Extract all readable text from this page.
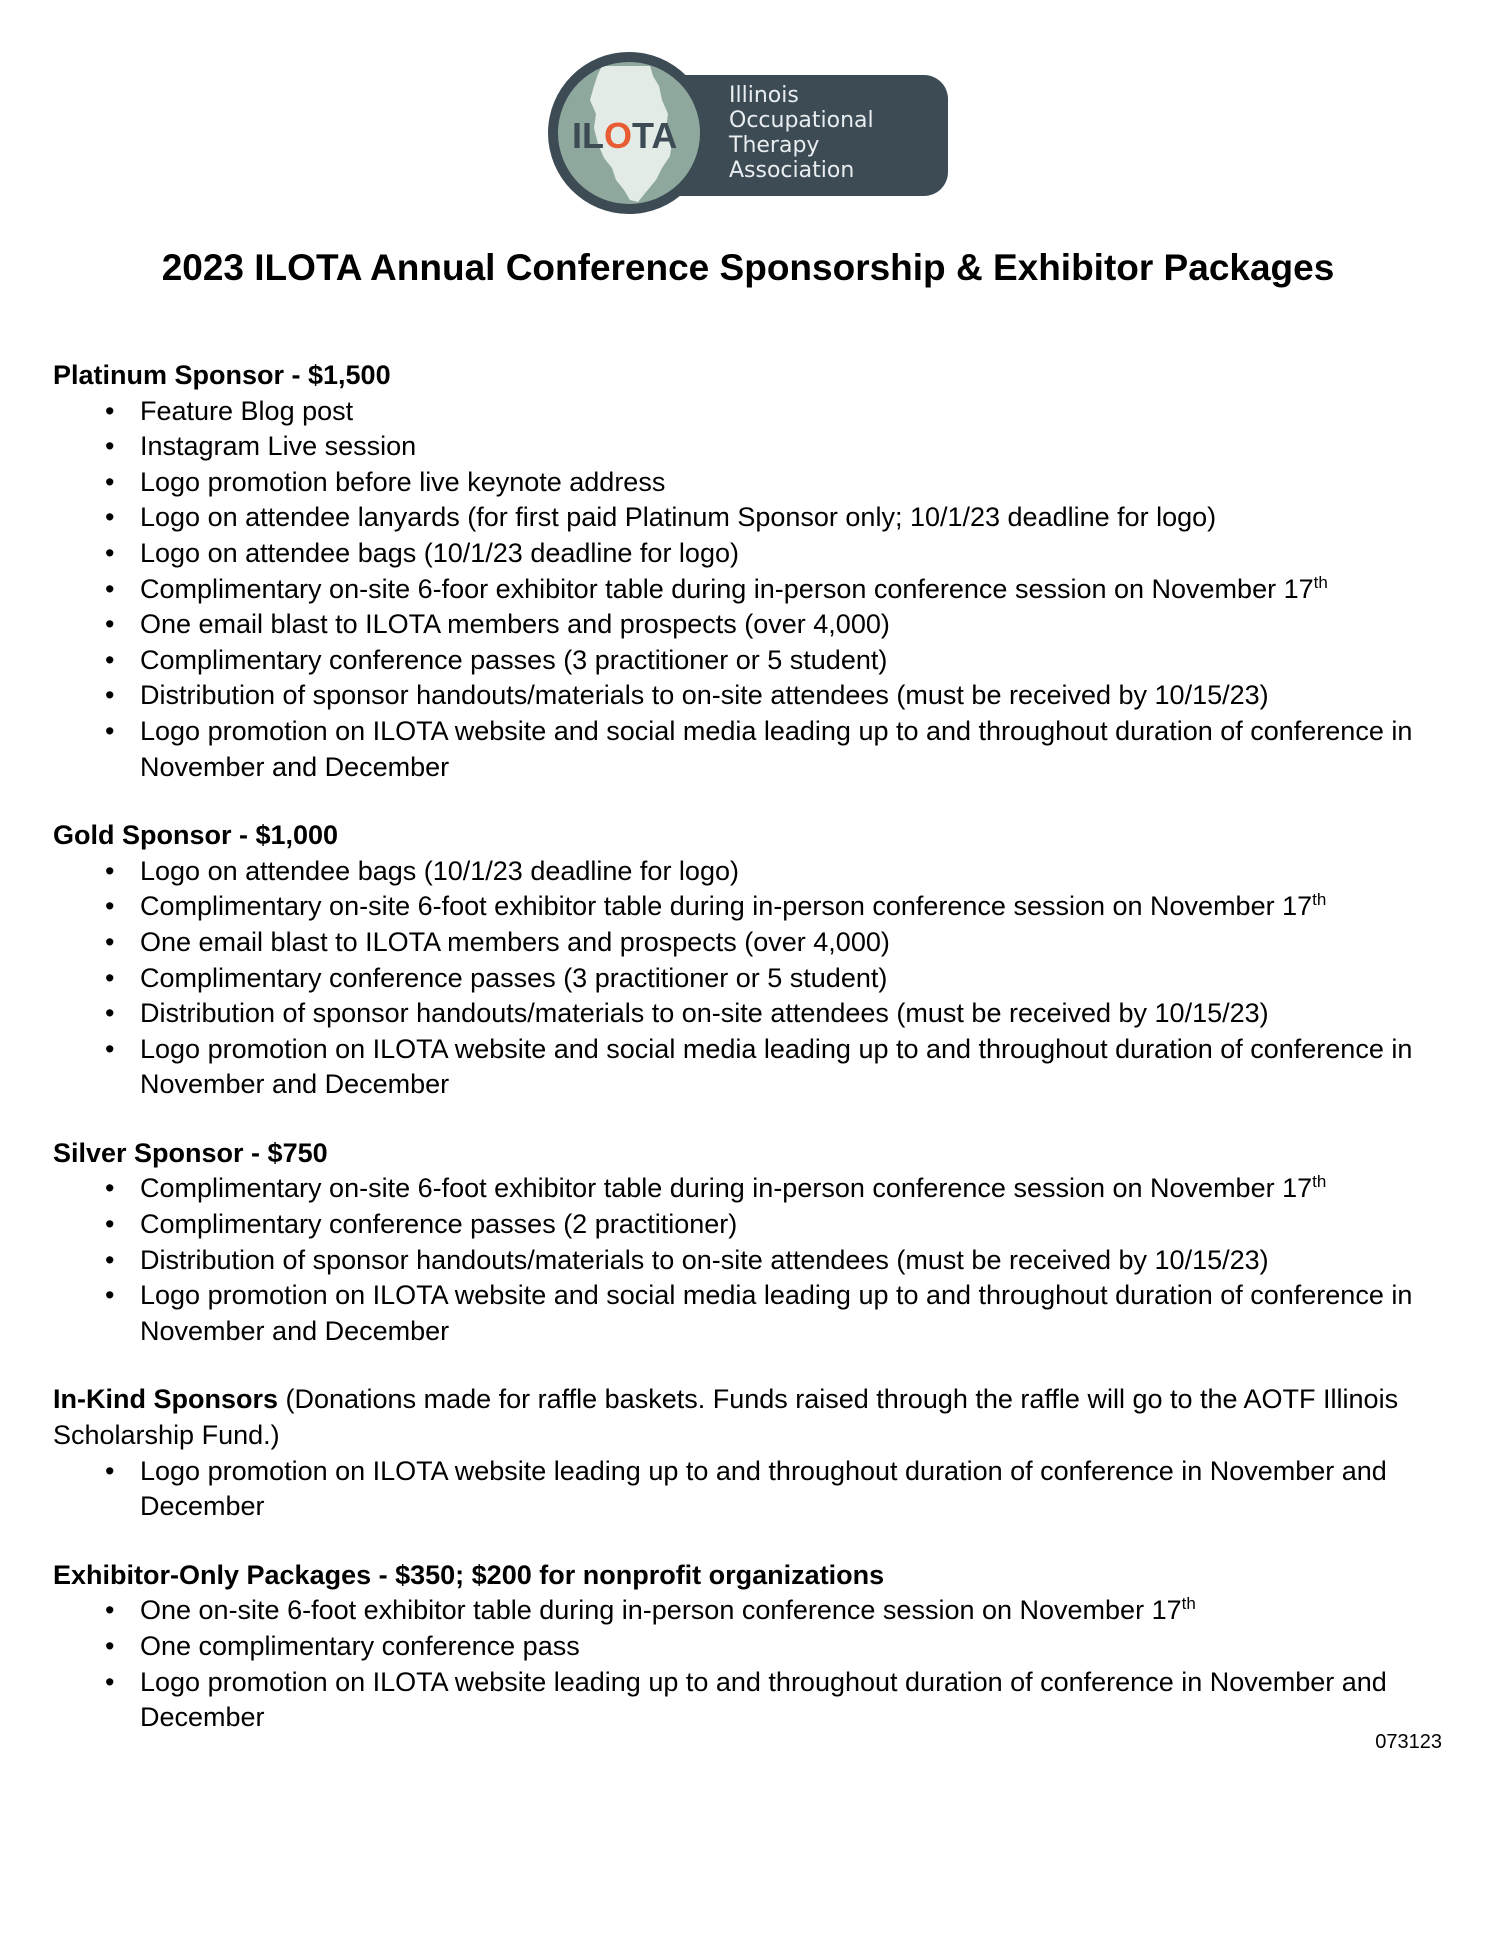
ILOTA
Illinois
Occupational
Therapy
Association
2023 ILOTA Annual Conference Sponsorship & Exhibitor Packages
Platinum Sponsor - $1,500
• Feature Blog post
• Instagram Live session
• Logo promotion before live keynote address
• Logo on attendee lanyards (for first paid Platinum Sponsor only; 10/1/23 deadline for logo)
• Logo on attendee bags (10/1/23 deadline for logo)
• Complimentary on-site 6-foor exhibitor table during in-person conference session on November 17th
• One email blast to ILOTA members and prospects (over 4,000)
• Complimentary conference passes (3 practitioner or 5 student)
• Distribution of sponsor handouts/materials to on-site attendees (must be received by 10/15/23)
• Logo promotion on ILOTA website and social media leading up to and throughout duration of conference in November and December
Gold Sponsor - $1,000
• Logo on attendee bags (10/1/23 deadline for logo)
• Complimentary on-site 6-foot exhibitor table during in-person conference session on November 17th
• One email blast to ILOTA members and prospects (over 4,000)
• Complimentary conference passes (3 practitioner or 5 student)
• Distribution of sponsor handouts/materials to on-site attendees (must be received by 10/15/23)
• Logo promotion on ILOTA website and social media leading up to and throughout duration of conference in November and December
Silver Sponsor - $750
• Complimentary on-site 6-foot exhibitor table during in-person conference session on November 17th
• Complimentary conference passes (2 practitioner)
• Distribution of sponsor handouts/materials to on-site attendees (must be received by 10/15/23)
• Logo promotion on ILOTA website and social media leading up to and throughout duration of conference in November and December
In-Kind Sponsors (Donations made for raffle baskets. Funds raised through the raffle will go to the AOTF Illinois Scholarship Fund.)
• Logo promotion on ILOTA website leading up to and throughout duration of conference in November and December
Exhibitor-Only Packages - $350; $200 for nonprofit organizations
• One on-site 6-foot exhibitor table during in-person conference session on November 17th
• One complimentary conference pass
• Logo promotion on ILOTA website leading up to and throughout duration of conference in November and December
073123
